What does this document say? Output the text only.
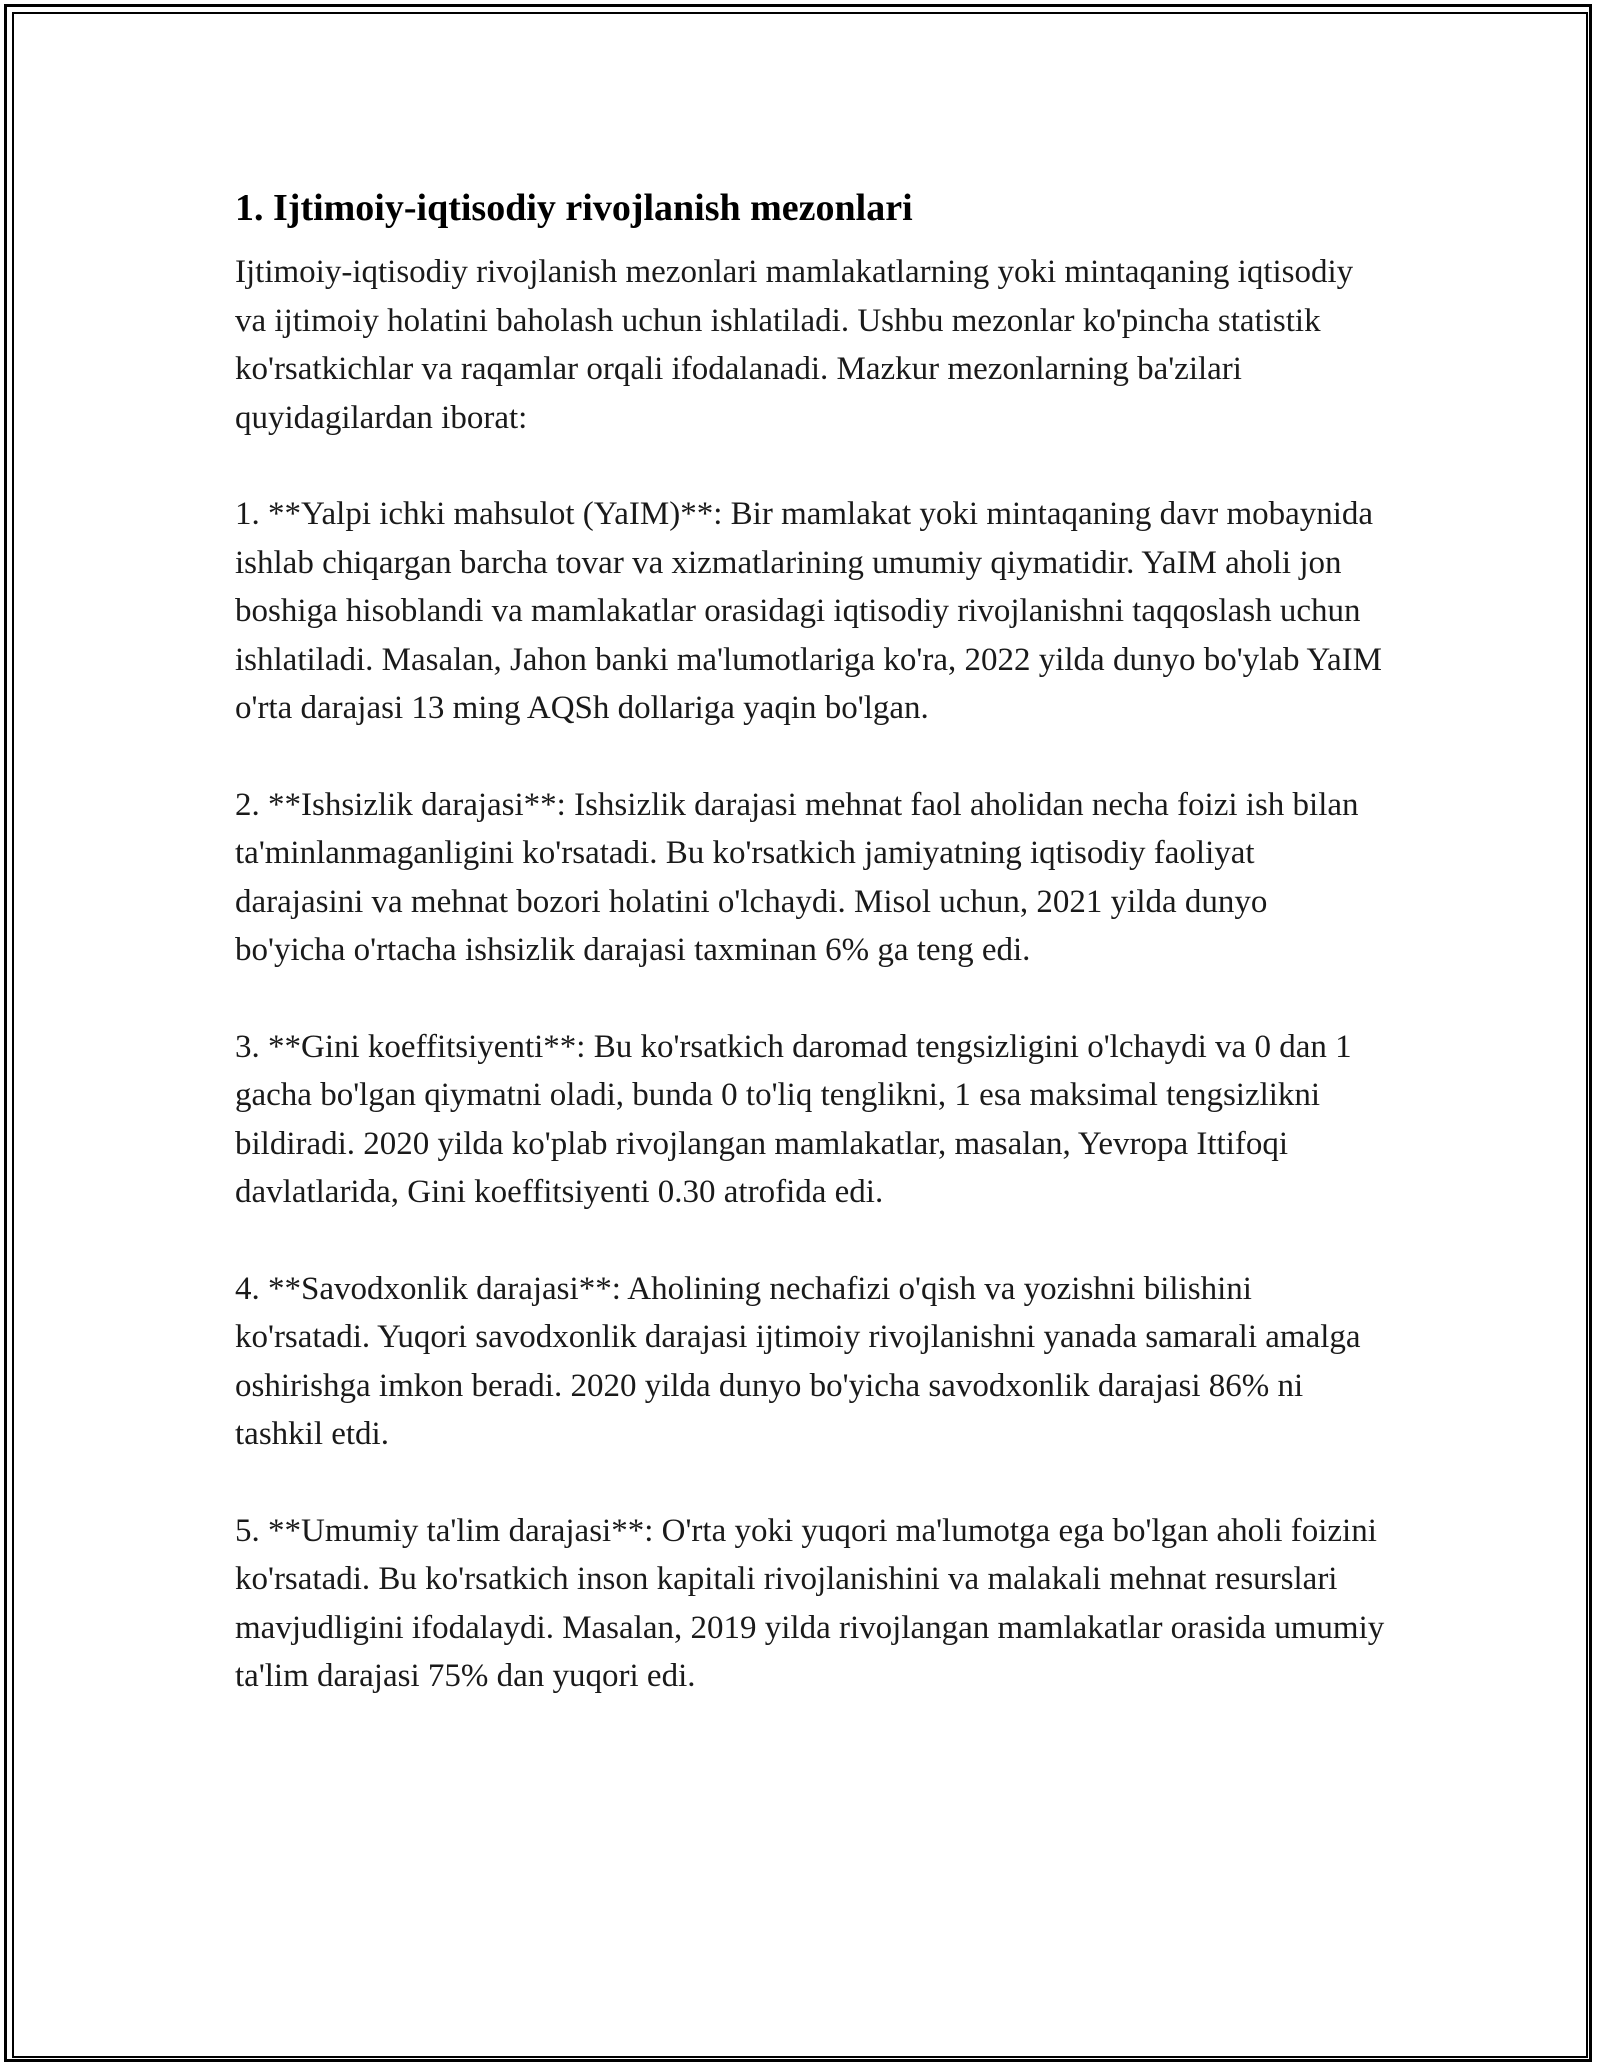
1. Ijtimoiy-iqtisodiy rivojlanish mezonlari

Ijtimoiy-iqtisodiy rivojlanish mezonlari mamlakatlarning yoki mintaqaning iqtisodiy va ijtimoiy holatini baholash uchun ishlatiladi. Ushbu mezonlar ko'pincha statistik ko'rsatkichlar va raqamlar orqali ifodalanadi. Mazkur mezonlarning ba'zilari quyidagilardan iborat:

1. **Yalpi ichki mahsulot (YaIM)**: Bir mamlakat yoki mintaqaning davr mobaynida ishlab chiqargan barcha tovar va xizmatlarining umumiy qiymatidir. YaIM aholi jon boshiga hisoblandi va mamlakatlar orasidagi iqtisodiy rivojlanishni taqqoslash uchun ishlatiladi. Masalan, Jahon banki ma'lumotlariga ko'ra, 2022 yilda dunyo bo'ylab YaIM o'rta darajasi 13 ming AQSh dollariga yaqin bo'lgan.

2. **Ishsizlik darajasi**: Ishsizlik darajasi mehnat faol aholidan necha foizi ish bilan ta'minlanmaganligini ko'rsatadi. Bu ko'rsatkich jamiyatning iqtisodiy faoliyat darajasini va mehnat bozori holatini o'lchaydi. Misol uchun, 2021 yilda dunyo bo'yicha o'rtacha ishsizlik darajasi taxminan 6% ga teng edi.

3. **Gini koeffitsiyenti**: Bu ko'rsatkich daromad tengsizligini o'lchaydi va 0 dan 1 gacha bo'lgan qiymatni oladi, bunda 0 to'liq tenglikni, 1 esa maksimal tengsizlikni bildiradi. 2020 yilda ko'plab rivojlangan mamlakatlar, masalan, Yevropa Ittifoqi davlatlarida, Gini koeffitsiyenti 0.30 atrofida edi.

4. **Savodxonlik darajasi**: Aholining nechafizi o'qish va yozishni bilishini ko'rsatadi. Yuqori savodxonlik darajasi ijtimoiy rivojlanishni yanada samarali amalga oshirishga imkon beradi. 2020 yilda dunyo bo'yicha savodxonlik darajasi 86% ni tashkil etdi.

5. **Umumiy ta'lim darajasi**: O'rta yoki yuqori ma'lumotga ega bo'lgan aholi foizini ko'rsatadi. Bu ko'rsatkich inson kapitali rivojlanishini va malakali mehnat resurslari mavjudligini ifodalaydi. Masalan, 2019 yilda rivojlangan mamlakatlar orasida umumiy ta'lim darajasi 75% dan yuqori edi.
